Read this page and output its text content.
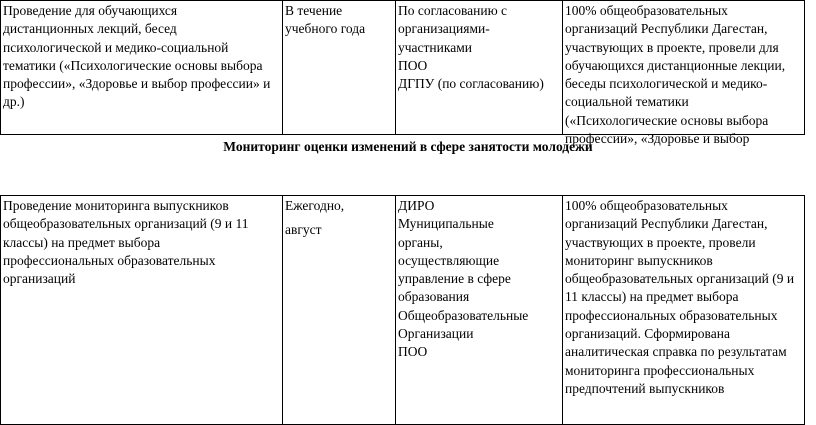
Проведение для обучающихся
дистанционных лекций, бесед
психологической и медико-социальной
тематики («Психологические основы выбора
профессии», «Здоровье и выбор профессии» и
др.)

В течение
учебного года

По согласованию с
организациями-
участниками
ПОО
ДГПУ (по согласованию)

100% общеобразовательных
организаций Республики Дагестан,
участвующих в проекте, провели для
обучающихся дистанционные лекции,
беседы психологической и медико-
социальной тематики
(«Психологические основы выбора
профессии», «Здоровье и выбор
Мониторинг оценки изменений в сфере занятости молодежи
Проведение мониторинга выпускников
общеобразовательных организаций (9 и 11
классы) на предмет выбора
профессиональных образовательных
организаций

Ежегодно,
август

ДИРО
Муниципальные
органы,
осуществляющие
управление в сфере
образования
Общеобразовательные
Организации
ПОО

100% общеобразовательных
организаций Республики Дагестан,
участвующих в проекте, провели
мониторинг выпускников
общеобразовательных организаций (9 и
11 классы) на предмет выбора
профессиональных образовательных
организаций. Сформирована
аналитическая справка по результатам
мониторинга профессиональных
предпочтений выпускников
